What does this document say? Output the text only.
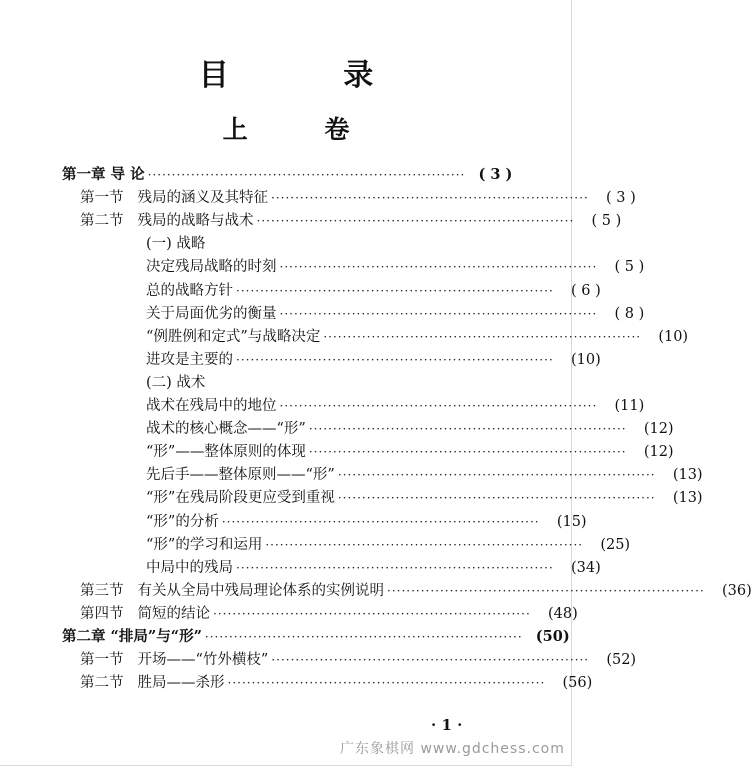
目 录
上 卷
第一章 导 论 ·································································· ( 3 )
第一节 残局的涵义及其特征 ··································································	( 3 )
第二节 残局的战略与战术 ··································································	( 5 )
(一) 战略
决定残局战略的时刻 ··································································	( 5 )
总的战略方针 ··································································	( 6 )
关于局面优劣的衡量 ··································································	( 8 )
“例胜例和定式”与战略决定 ··································································	(10)
进攻是主要的 ··································································	(10)
(二) 战术
战术在残局中的地位 ··································································	(11)
战术的核心概念——“形” ··································································	(12)
“形”——整体原则的体现 ··································································	(12)
先后手——整体原则——“形” ··································································	(13)
“形”在残局阶段更应受到重视 ··································································	(13)
“形”的分析 ··································································	(15)
“形”的学习和运用 ··································································	(25)
中局中的残局 ··································································	(34)
第三节 有关从全局中残局理论体系的实例说明 ··································································	(36)
第四节 简短的结论 ··································································	(48)
第二章 “排局”与“形” ·································································· (50)
第一节 开场——“竹外横枝” ··································································	(52)
第二节 胜局——杀形 ··································································	(56)
· 1 ·
广东象棋网 www.gdchess.com
